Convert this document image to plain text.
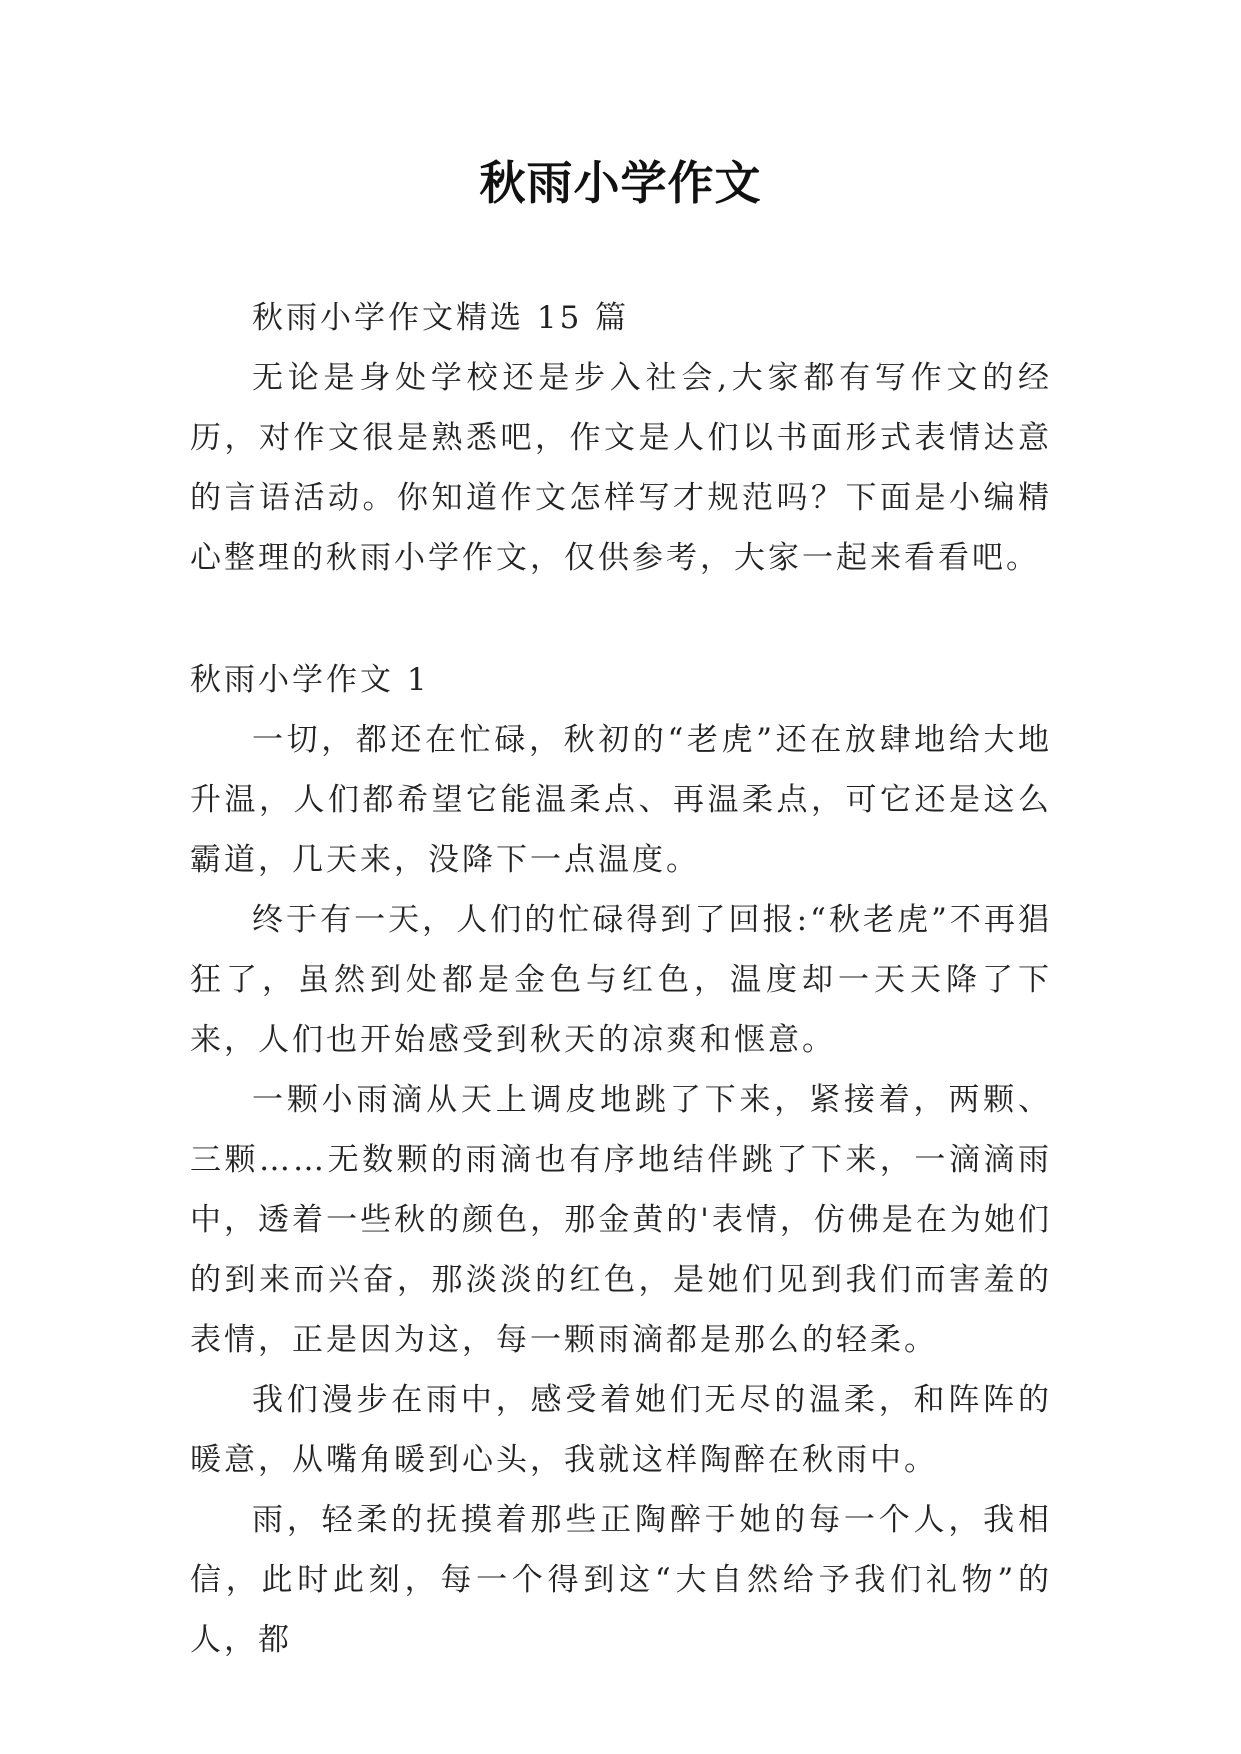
秋雨小学作文

秋雨小学作文精选 15 篇

无论是身处学校还是步入社会,大家都有写作文的经历，对作文很是熟悉吧，作文是人们以书面形式表情达意的言语活动。你知道作文怎样写才规范吗？下面是小编精心整理的秋雨小学作文，仅供参考，大家一起来看看吧。

秋雨小学作文 1

一切，都还在忙碌，秋初的“老虎”还在放肆地给大地升温，人们都希望它能温柔点、再温柔点，可它还是这么霸道，几天来，没降下一点温度。

终于有一天，人们的忙碌得到了回报:“秋老虎”不再猖狂了，虽然到处都是金色与红色，温度却一天天降了下来，人们也开始感受到秋天的凉爽和惬意。

一颗小雨滴从天上调皮地跳了下来，紧接着，两颗、三颗……无数颗的雨滴也有序地结伴跳了下来，一滴滴雨中，透着一些秋的颜色，那金黄的'表情，仿佛是在为她们的到来而兴奋，那淡淡的红色，是她们见到我们而害羞的表情，正是因为这，每一颗雨滴都是那么的轻柔。

我们漫步在雨中，感受着她们无尽的温柔，和阵阵的暖意，从嘴角暖到心头，我就这样陶醉在秋雨中。

雨，轻柔的抚摸着那些正陶醉于她的每一个人，我相信，此时此刻，每一个得到这“大自然给予我们礼物”的人，都
